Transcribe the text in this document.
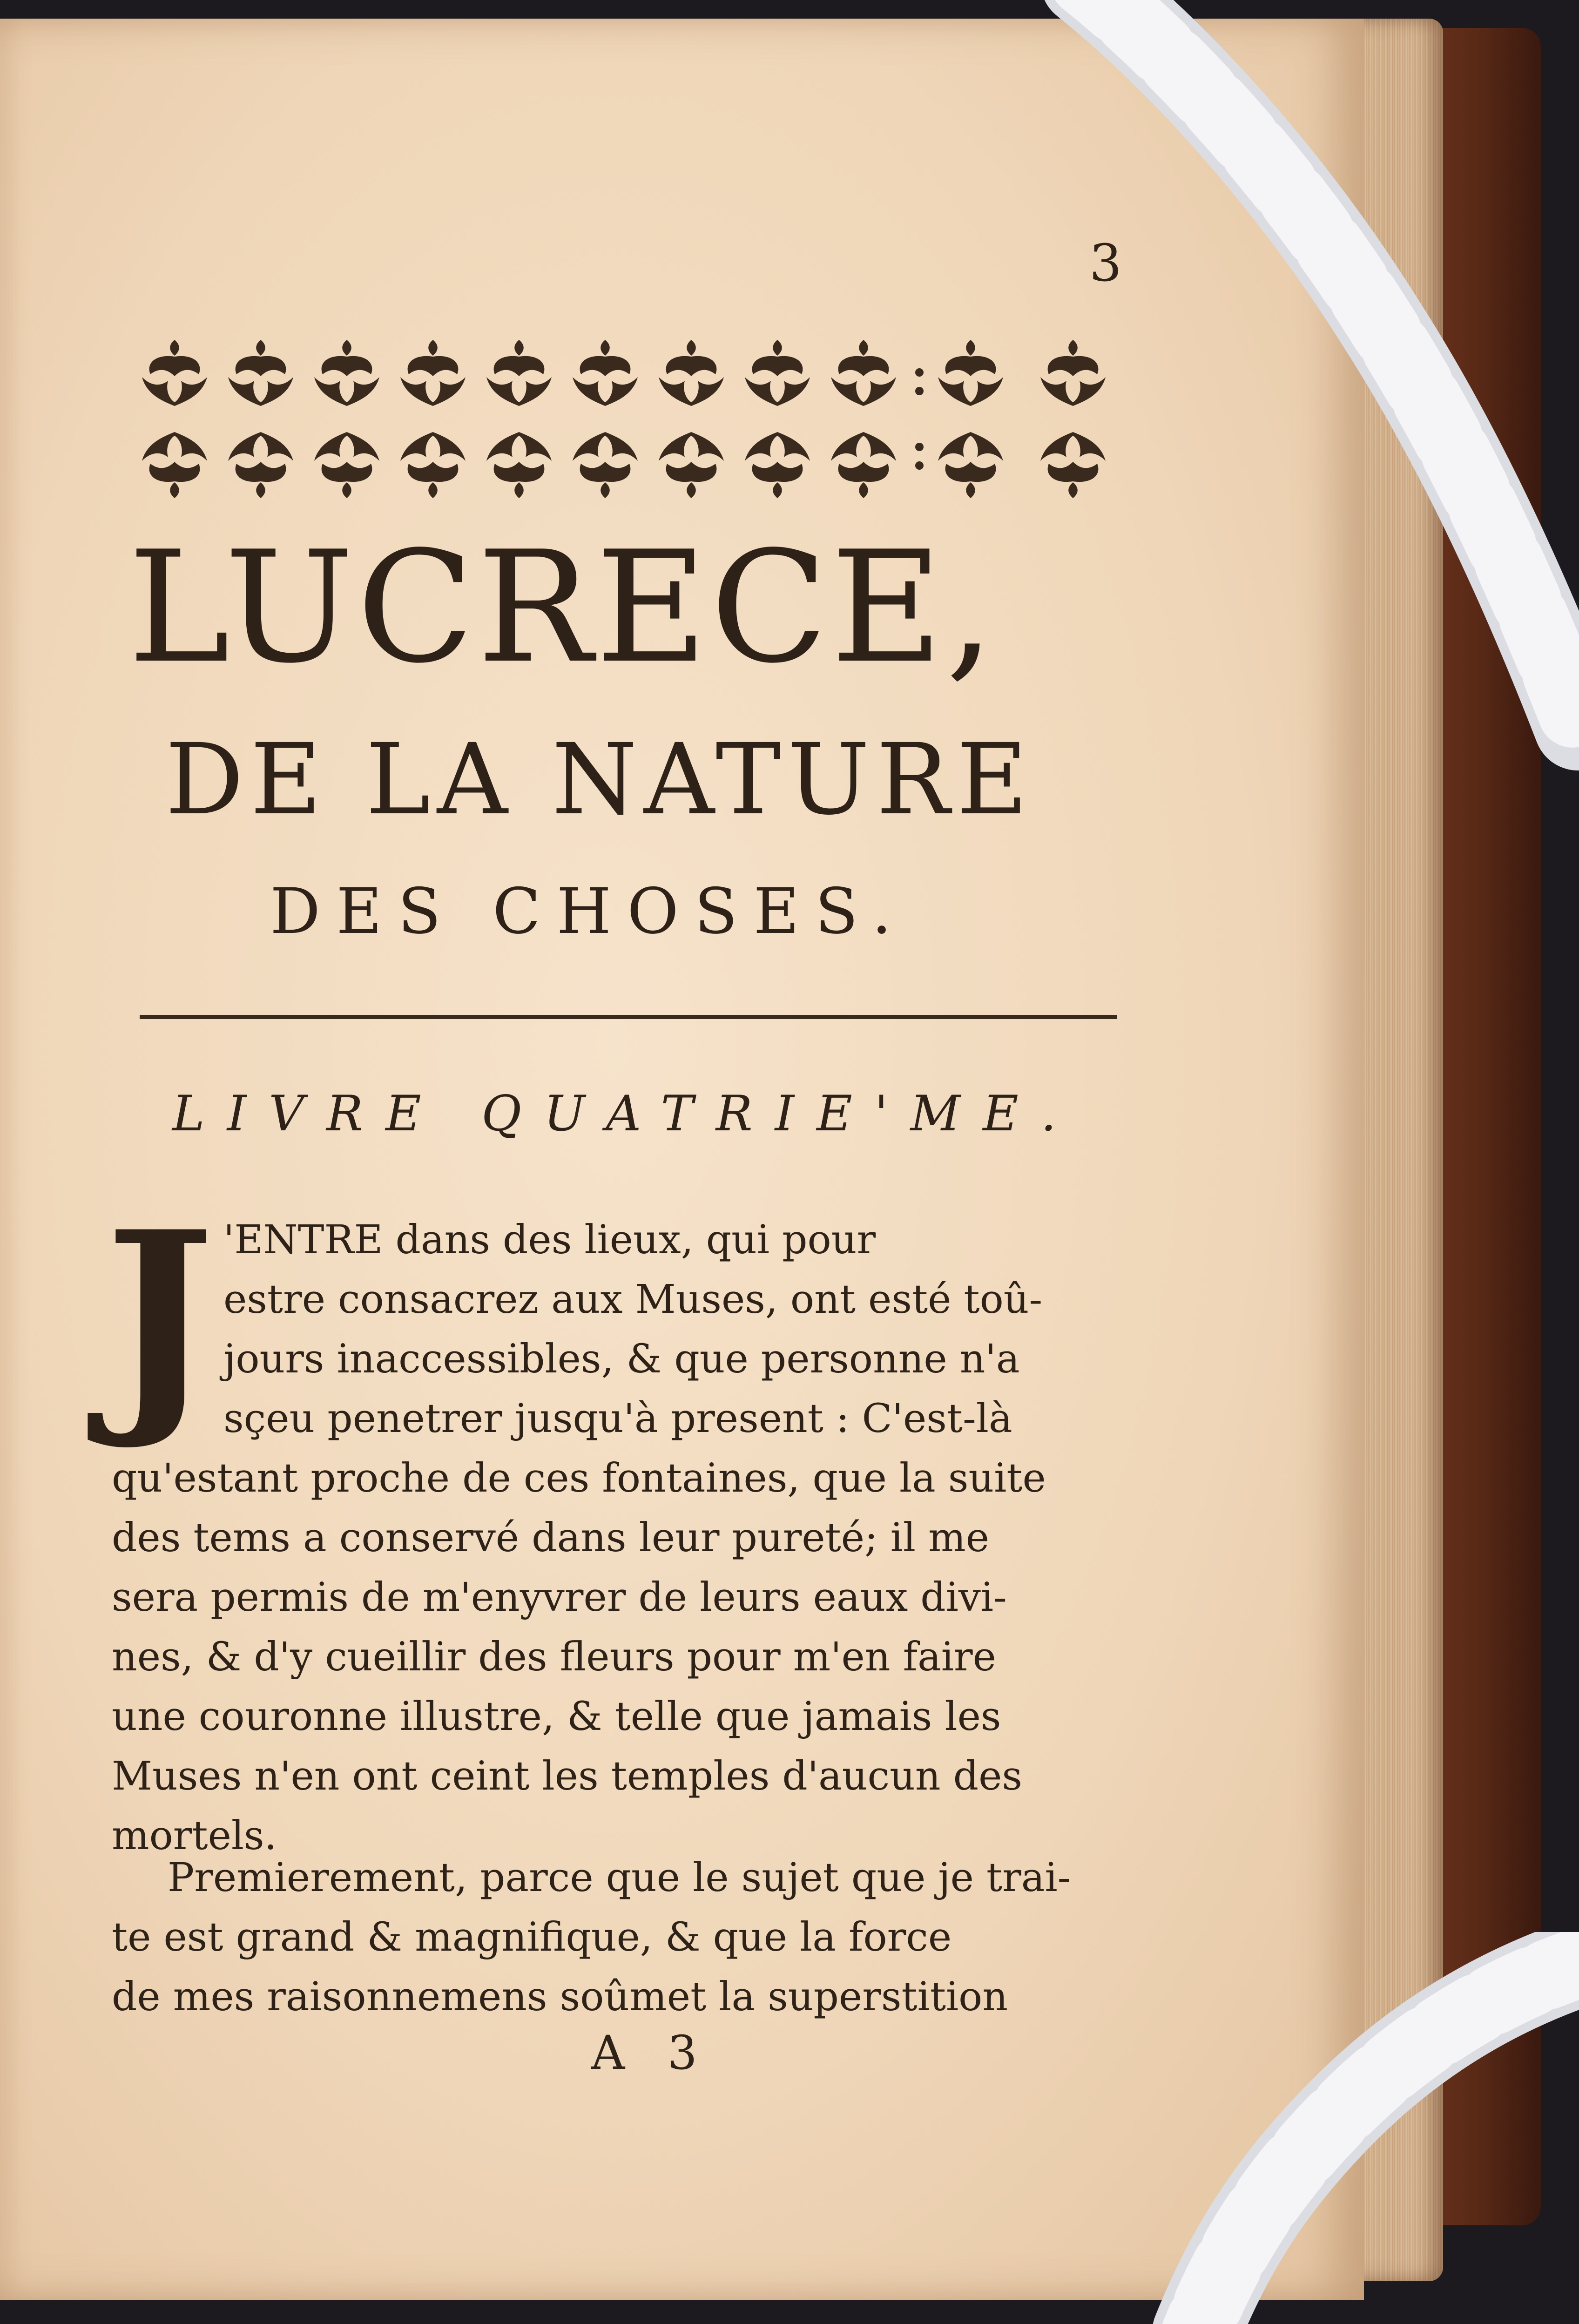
3
LUCRECE,
DE LA NATURE
DES CHOSES.
LIVRE QUATRIE'ME.
J 'ENTRE dans des lieux, qui pour
estre consacrez aux Muses, ont esté toû-
jours inaccessibles, & que personne n'a
sçeu penetrer jusqu'à present : C'est-là
qu'estant proche de ces fontaines, que la suite
des tems a conservé dans leur pureté; il me
sera permis de m'enyvrer de leurs eaux divi-
nes, & d'y cueillir des fleurs pour m'en faire
une couronne illustre, & telle que jamais les
Muses n'en ont ceint les temples d'aucun des
mortels.
Premierement, parce que le sujet que je trai-
te est grand & magnifique, & que la force
de mes raisonnemens soûmet la superstition
A 3
